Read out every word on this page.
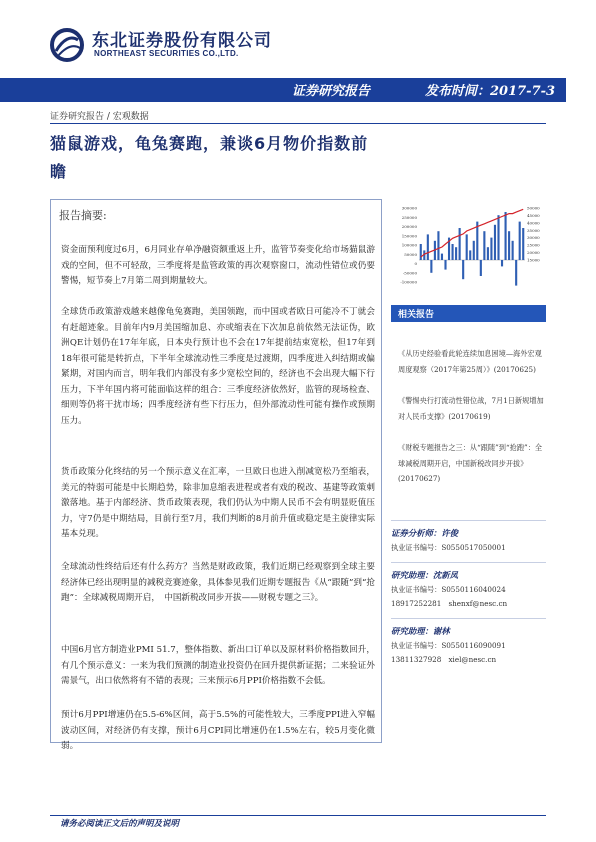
东北证券股份有限公司
NORTHEAST SECURITIES CO.,LTD.
证券研究报告	发布时间：2017-7-3
证券研究报告 / 宏观数据
猫鼠游戏，龟兔赛跑，兼谈6月物价指数前瞻
报告摘要:

资金面预利度过6月，6月同业存单净融资额重返上升，监管节奏变化给市场猫鼠游戏的空间，但不可轻敌，三季度将是监管政策的再次观察窗口，流动性错位或仍要警惕，短节奏上7月第二周到期量较大。

全球货币政策游戏越来越像龟兔赛跑，美国领跑，而中国或者欧日可能冷不丁就会有赶超迹象。目前年内9月美国缩加息、亦或缩表在下次加息前依然无法证伪，欧洲QE计划仍在17年年底，日本央行预计也不会在17年提前结束宽松，但17年到18年很可能是转折点，下半年全球流动性三季度是过渡期，四季度进入纠结期或偏紧期，对国内而言，明年我们内部没有多少宽松空间的，经济也不会出现大幅下行压力，下半年国内将可能面临这样的组合：三季度经济依然好，监管的现场检查、细则等仍将干扰市场；四季度经济有些下行压力，但外部流动性可能有操作或预期压力。

货币政策分化终结的另一个预示意义在汇率，一旦欧日也进入削减宽松乃至缩表，美元的特弱可能是中长期趋势，除非加息缩表进程或者有戏的税改、基建等政策刺激落地。基于内部经济、货币政策表现，我们仍认为中期人民币不会有明显贬值压力，守7仍是中期结局，目前行至7月，我们判断的8月前升值或稳定是主旋律实际基本兑现。

全球流动性终结后还有什么药方？当然是财政政策，我们近期已经观察到全球主要经济体已经出现明显的减税竞赛迹象，具体参见我们近期专题报告《从“跟随”到“抢跑”：全球减税周期开启，　中国新税改同步开拔——财税专题之三》。

中国6月官方制造业PMI 51.7，整体指数、新出口订单以及原材料价格指数回升，有几个预示意义：一来为我们预测的制造业投资仍在回升提供新证据；二来验证外需景气，出口依然将有不错的表现；三来预示6月PPI价格指数不会低。

预计6月PPI增速仍在5.5-6%区间，高于5.5%的可能性较大，三季度PPI进入窄幅波动区间，对经济仍有支撑，预计6月CPI同比增速仍在1.5%左右，较5月变化微弱。

300000
250000
200000
150000
100000
50000
0
-50000
-100000
50000
45000
40000
35000
30000
25000
20000
15000
相关报告

《从历史经验看此轮连续加息困境—海外宏观周度观察（2017年第25周）》(20170625)

《警惕央行打流动性错位战，7月1日新规增加对人民币支撑》(20170619)

《财税专题报告之三：从“跟随”到“抢跑”：全球减税周期开启，中国新税改同步开拔》(20170627)

证券分析师：许俊
执业证书编号：S0550517050001
研究助理：沈新凤
执业证书编号：S0550116040024
18917252281　shenxf@nesc.cn
研究助理：谢林
执业证书编号：S0550116090091
13811327928　xiel@nesc.cn
请务必阅读正文后的声明及说明
